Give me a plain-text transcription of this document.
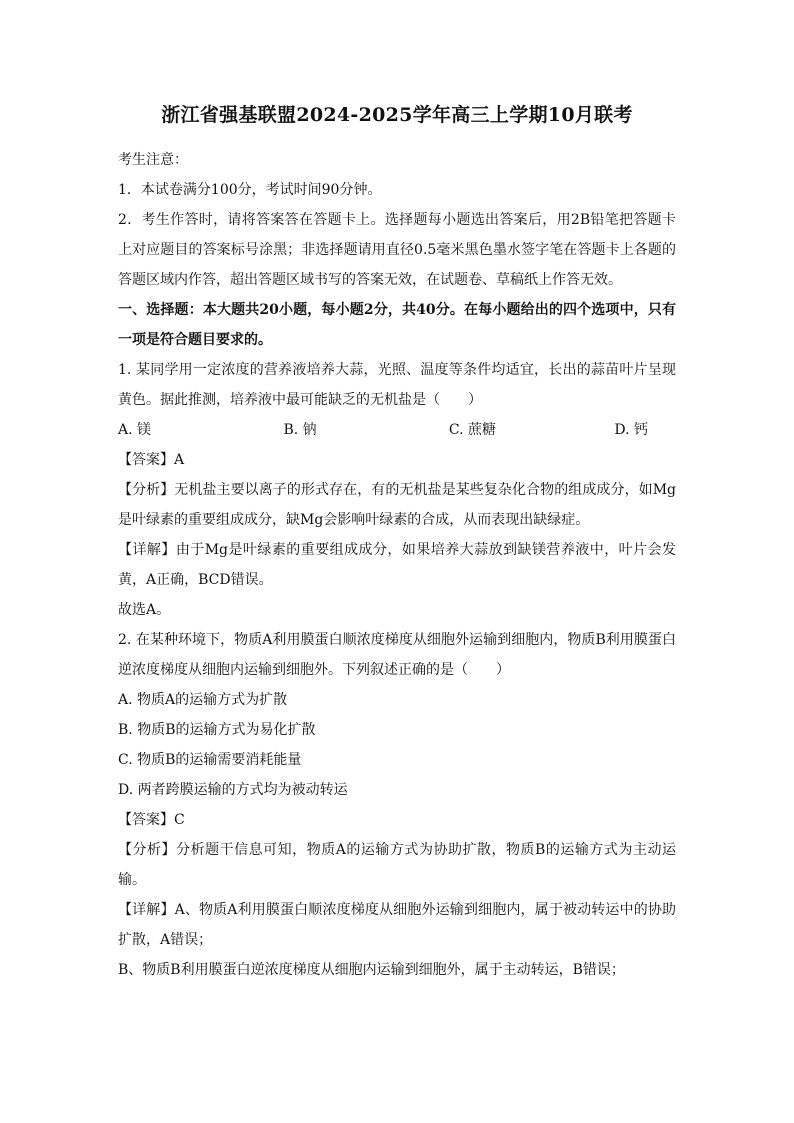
浙江省强基联盟2024-2025学年高三上学期10月联考

考生注意：

1．本试卷满分100分，考试时间90分钟。

2．考生作答时，请将答案答在答题卡上。选择题每小题选出答案后，用2B铅笔把答题卡上对应题目的答案标号涂黑；非选择题请用直径0.5毫米黑色墨水签字笔在答题卡上各题的答题区域内作答，超出答题区域书写的答案无效，在试题卷、草稿纸上作答无效。

一、选择题：本大题共20小题，每小题2分，共40分。在每小题给出的四个选项中，只有一项是符合题目要求的。

1. 某同学用一定浓度的营养液培养大蒜，光照、温度等条件均适宜，长出的蒜苗叶片呈现黄色。据此推测，培养液中最可能缺乏的无机盐是（　　）

A. 镁	B. 钠	C. 蔗糖	D. 钙

【答案】A

【分析】无机盐主要以离子的形式存在，有的无机盐是某些复杂化合物的组成成分，如Mg是叶绿素的重要组成成分，缺Mg会影响叶绿素的合成，从而表现出缺绿症。

【详解】由于Mg是叶绿素的重要组成成分，如果培养大蒜放到缺镁营养液中，叶片会发黄，A正确，BCD错误。

故选A。

2. 在某种环境下，物质A利用膜蛋白顺浓度梯度从细胞外运输到细胞内，物质B利用膜蛋白逆浓度梯度从细胞内运输到细胞外。下列叙述正确的是（　　）

A. 物质A的运输方式为扩散

B. 物质B的运输方式为易化扩散

C. 物质B的运输需要消耗能量

D. 两者跨膜运输的方式均为被动转运

【答案】C

【分析】分析题干信息可知，物质A的运输方式为协助扩散，物质B的运输方式为主动运输。

【详解】A、物质A利用膜蛋白顺浓度梯度从细胞外运输到细胞内，属于被动转运中的协助扩散，A错误；

B、物质B利用膜蛋白逆浓度梯度从细胞内运输到细胞外，属于主动转运，B错误；
